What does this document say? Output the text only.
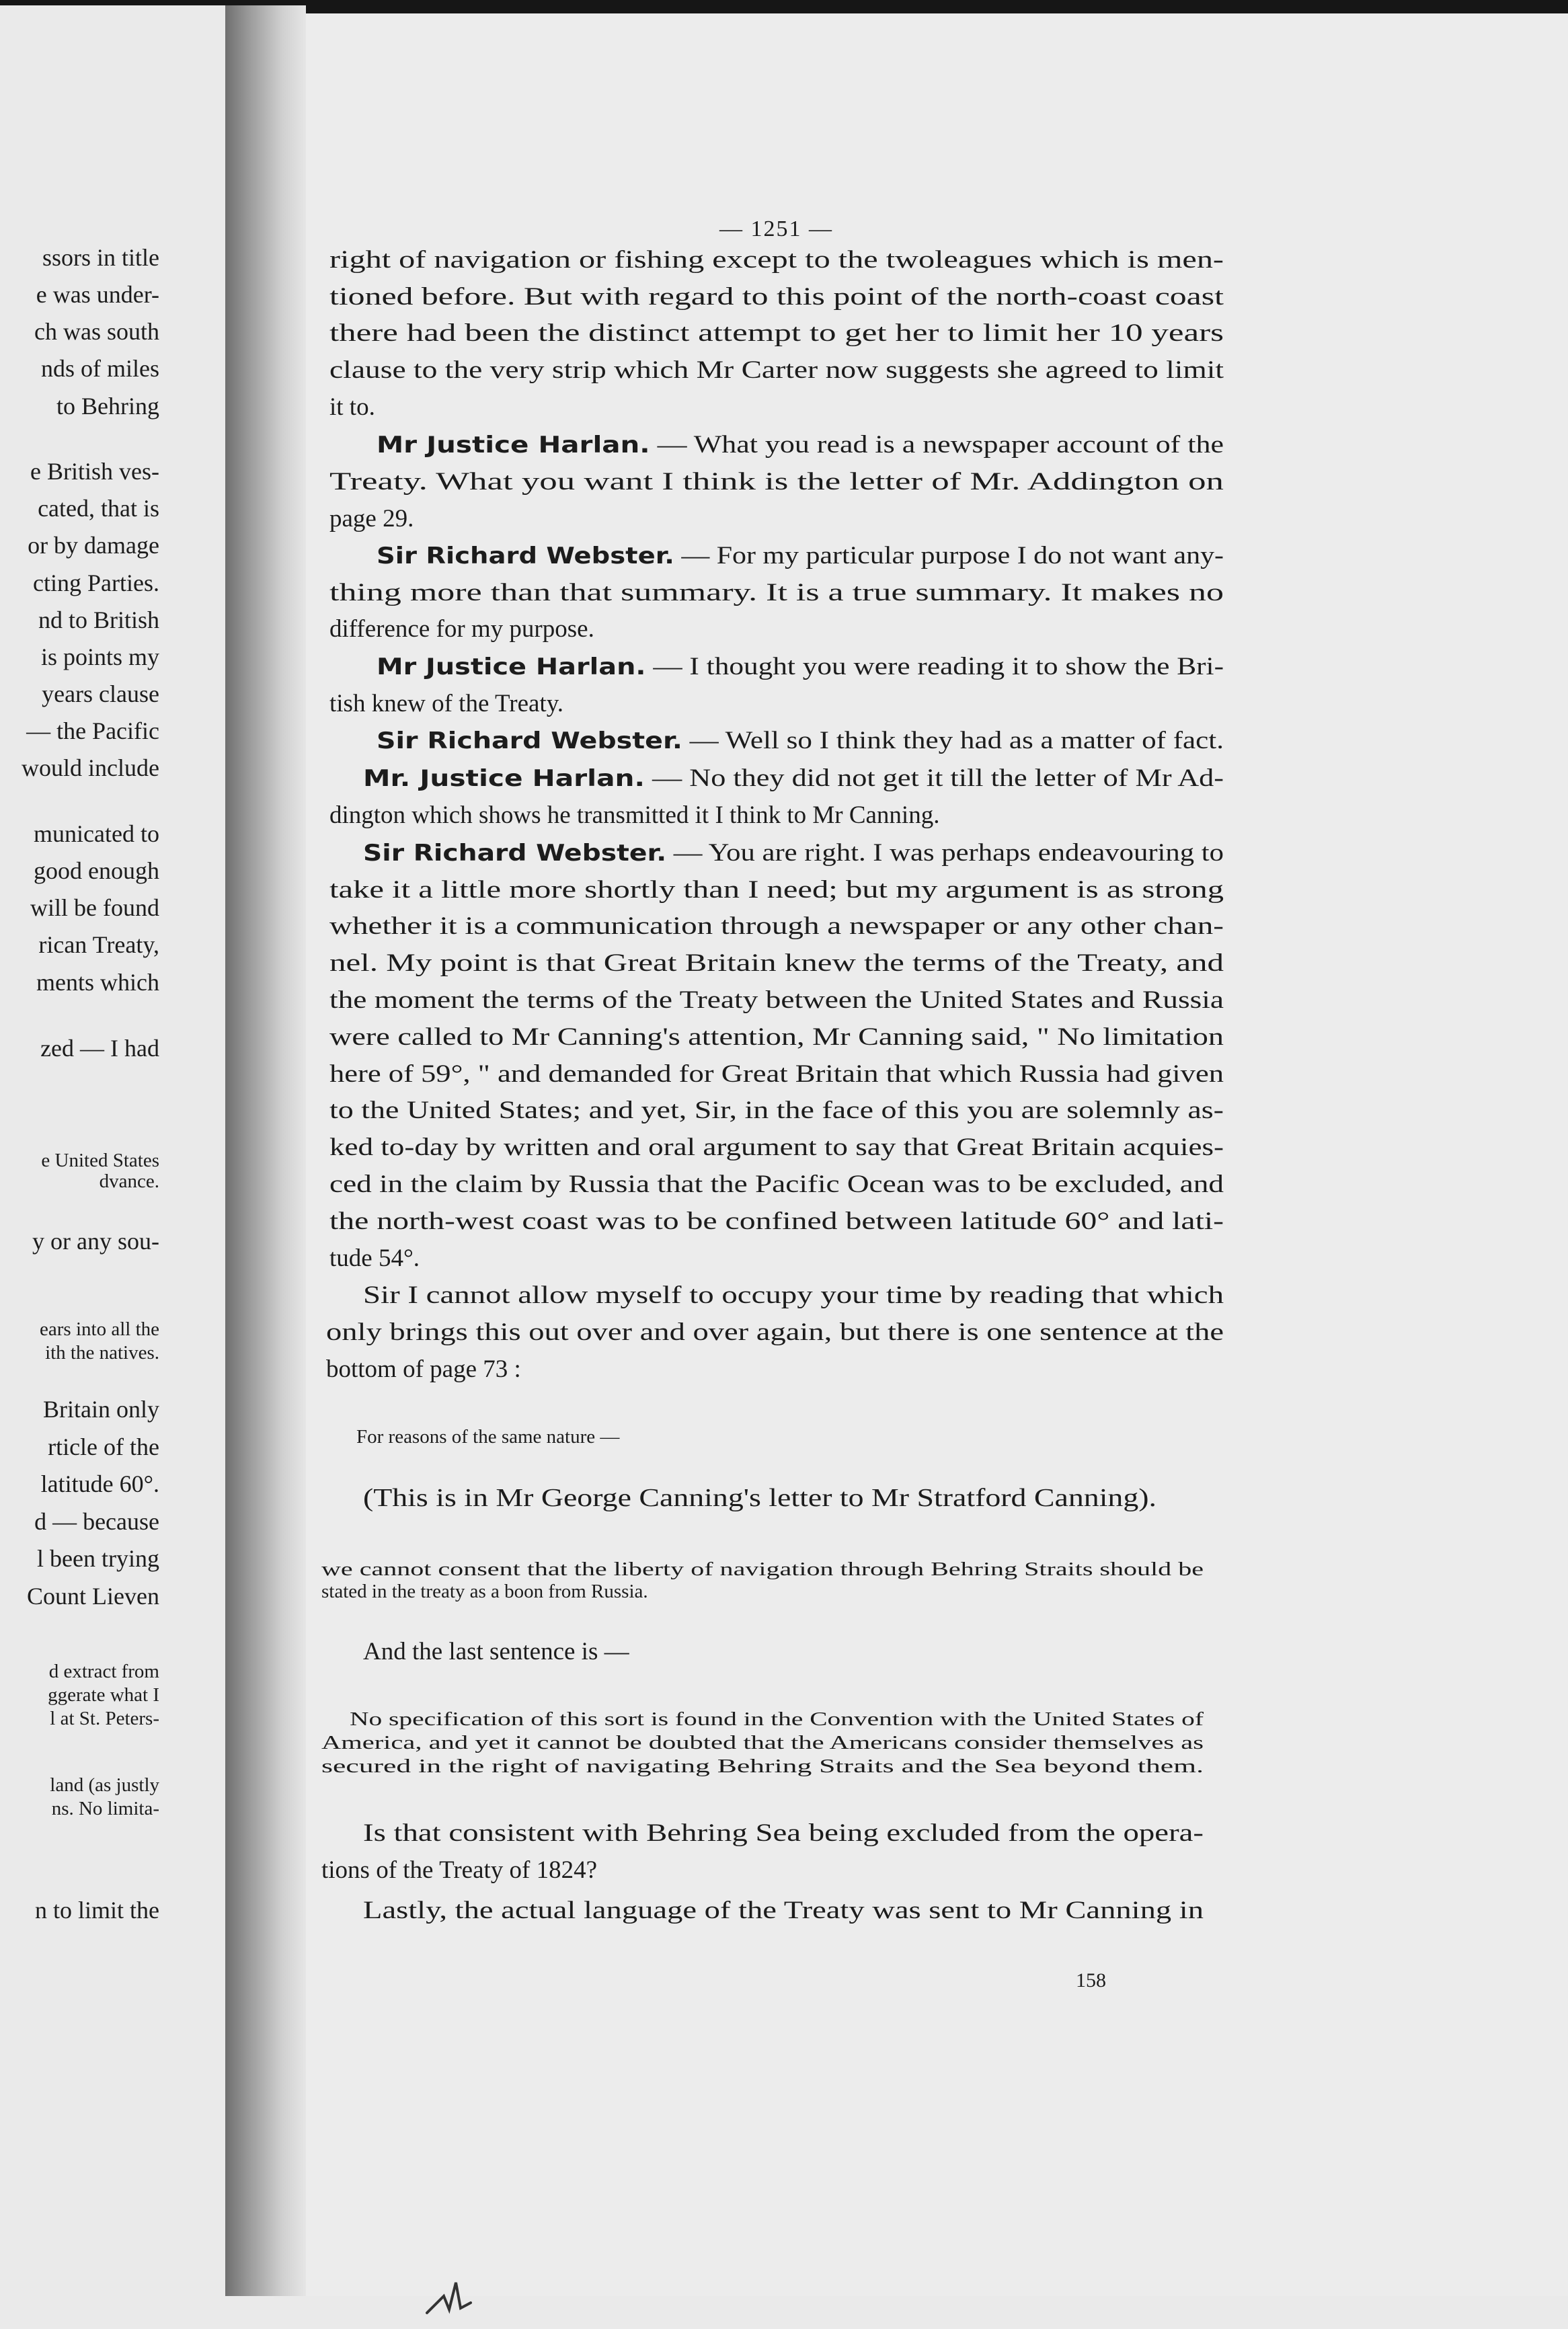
ssors in title
e was under-
ch was south
nds of miles
to Behring
e British ves-
cated, that is
or by damage
cting Parties.
nd to British
is points my
years clause
— the Pacific
would include
municated to
good enough
will be found
rican Treaty,
ments which
zed — I had
e United States
dvance.
y or any sou-
ears into all the
ith the natives.
Britain only
rticle of the
latitude 60°.
d — because
l been trying
Count Lieven
d extract from
ggerate what I
l at St. Peters-
land (as justly
ns. No limita-
n to limit the
— 1251 —
right of navigation or fishing except to the twoleagues which is men-
tioned before. But with regard to this point of the north-coast coast
there had been the distinct attempt to get her to limit her 10 years
clause to the very strip which Mr Carter now suggests she agreed to limit
it to.
Mr Justice Harlan. — What you read is a newspaper account of the
Treaty. What you want I think is the letter of Mr. Addington on
page 29.
Sir Richard Webster. — For my particular purpose I do not want any-
thing more than that summary. It is a true summary. It makes no
difference for my purpose.
Mr Justice Harlan. — I thought you were reading it to show the Bri-
tish knew of the Treaty.
Sir Richard Webster. — Well so I think they had as a matter of fact.
Mr. Justice Harlan. — No they did not get it till the letter of Mr Ad-
dington which shows he transmitted it I think to Mr Canning.
Sir Richard Webster. — You are right. I was perhaps endeavouring to
take it a little more shortly than I need; but my argument is as strong
whether it is a communication through a newspaper or any other chan-
nel. My point is that Great Britain knew the terms of the Treaty, and
the moment the terms of the Treaty between the United States and Russia
were called to Mr Canning's attention, Mr Canning said, " No limitation
here of 59°, " and demanded for Great Britain that which Russia had given
to the United States; and yet, Sir, in the face of this you are solemnly as-
ked to-day by written and oral argument to say that Great Britain acquies-
ced in the claim by Russia that the Pacific Ocean was to be excluded, and
the north-west coast was to be confined between latitude 60° and lati-
tude 54°.
Sir I cannot allow myself to occupy your time by reading that which
only brings this out over and over again, but there is one sentence at the
bottom of page 73 :
For reasons of the same nature —
(This is in Mr George Canning's letter to Mr Stratford Canning).
we cannot consent that the liberty of navigation through Behring Straits should be
stated in the treaty as a boon from Russia.
And the last sentence is —
No specification of this sort is found in the Convention with the United States of
America, and yet it cannot be doubted that the Americans consider themselves as
secured in the right of navigating Behring Straits and the Sea beyond them.
Is that consistent with Behring Sea being excluded from the opera-
tions of the Treaty of 1824?
Lastly, the actual language of the Treaty was sent to Mr Canning in
158
